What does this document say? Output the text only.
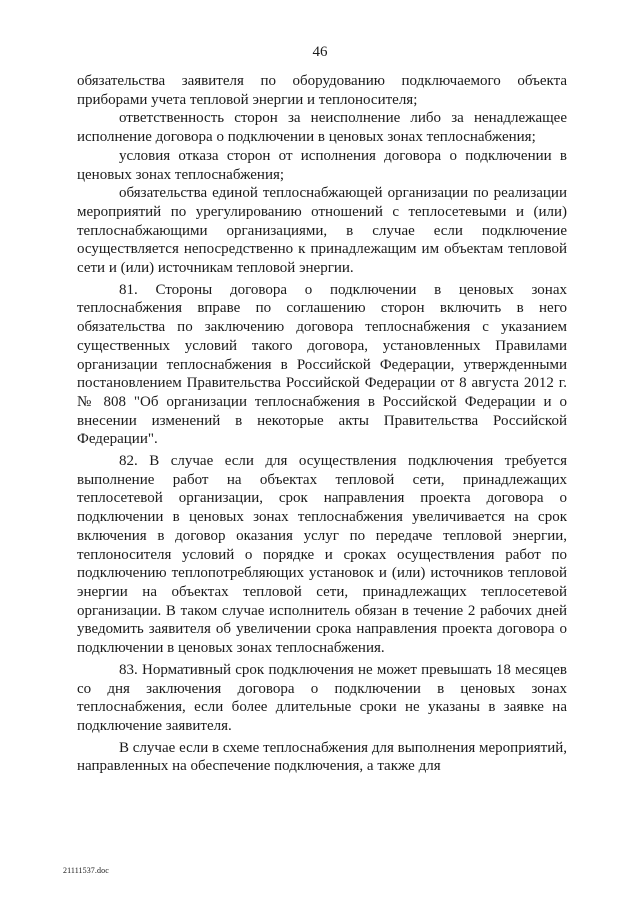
46

обязательства заявителя по оборудованию подключаемого объекта приборами учета тепловой энергии и теплоносителя;

ответственность сторон за неисполнение либо за ненадлежащее исполнение договора о подключении в ценовых зонах теплоснабжения;

условия отказа сторон от исполнения договора о подключении в ценовых зонах теплоснабжения;

обязательства единой теплоснабжающей организации по реализации мероприятий по урегулированию отношений с теплосетевыми и (или) теплоснабжающими организациями, в случае если подключение осуществляется непосредственно к принадлежащим им объектам тепловой сети и (или) источникам тепловой энергии.

81. Стороны договора о подключении в ценовых зонах теплоснабжения вправе по соглашению сторон включить в него обязательства по заключению договора теплоснабжения с указанием существенных условий такого договора, установленных Правилами организации теплоснабжения в Российской Федерации, утвержденными постановлением Правительства Российской Федерации от 8 августа 2012 г. № 808 "Об организации теплоснабжения в Российской Федерации и о внесении изменений в некоторые акты Правительства Российской Федерации".

82. В случае если для осуществления подключения требуется выполнение работ на объектах тепловой сети, принадлежащих теплосетевой организации, срок направления проекта договора о подключении в ценовых зонах теплоснабжения увеличивается на срок включения в договор оказания услуг по передаче тепловой энергии, теплоносителя условий о порядке и сроках осуществления работ по подключению теплопотребляющих установок и (или) источников тепловой энергии на объектах тепловой сети, принадлежащих теплосетевой организации. В таком случае исполнитель обязан в течение 2 рабочих дней уведомить заявителя об увеличении срока направления проекта договора о подключении в ценовых зонах теплоснабжения.

83. Нормативный срок подключения не может превышать 18 месяцев со дня заключения договора о подключении в ценовых зонах теплоснабжения, если более длительные сроки не указаны в заявке на подключение заявителя.

В случае если в схеме теплоснабжения для выполнения мероприятий, направленных на обеспечение подключения, а также для

21111537.doc
